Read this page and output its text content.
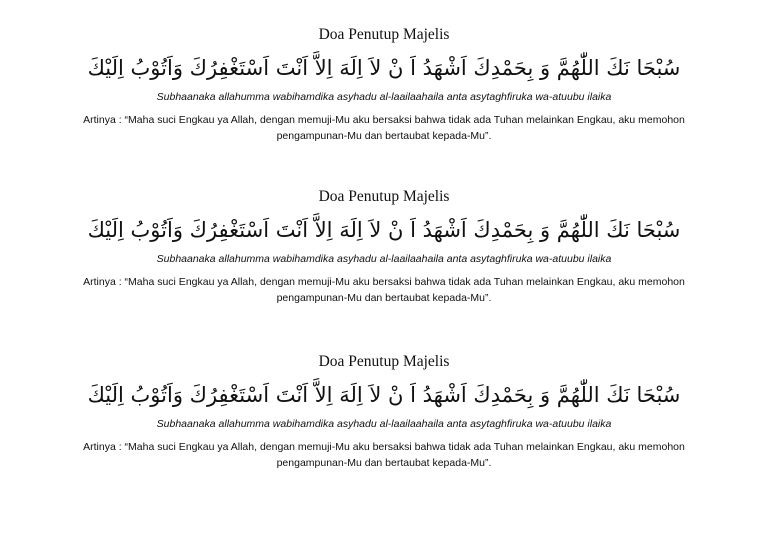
Doa Penutup Majelis
سُبْحَا نَكَ اللّٰهُمَّ وَ بِحَمْدِكَ اَشْهَدُ اَ نْ لاَ اِلَهَ اِلاَّ اَنْتَ اَسْتَغْفِرُكَ وَاَتُوْبُ اِلَيْكَ
Subhaanaka allahumma wabihamdika asyhadu al-laailaahaila anta asytaghfiruka wa-atuubu ilaika
Artinya : “Maha suci Engkau ya Allah, dengan memuji-Mu aku bersaksi bahwa tidak ada Tuhan melainkan Engkau, aku memohon pengampunan-Mu dan bertaubat kepada-Mu”.
Doa Penutup Majelis
سُبْحَا نَكَ اللّٰهُمَّ وَ بِحَمْدِكَ اَشْهَدُ اَ نْ لاَ اِلَهَ اِلاَّ اَنْتَ اَسْتَغْفِرُكَ وَاَتُوْبُ اِلَيْكَ
Subhaanaka allahumma wabihamdika asyhadu al-laailaahaila anta asytaghfiruka wa-atuubu ilaika
Artinya : “Maha suci Engkau ya Allah, dengan memuji-Mu aku bersaksi bahwa tidak ada Tuhan melainkan Engkau, aku memohon pengampunan-Mu dan bertaubat kepada-Mu”.
Doa Penutup Majelis
سُبْحَا نَكَ اللّٰهُمَّ وَ بِحَمْدِكَ اَشْهَدُ اَ نْ لاَ اِلَهَ اِلاَّ اَنْتَ اَسْتَغْفِرُكَ وَاَتُوْبُ اِلَيْكَ
Subhaanaka allahumma wabihamdika asyhadu al-laailaahaila anta asytaghfiruka wa-atuubu ilaika
Artinya : “Maha suci Engkau ya Allah, dengan memuji-Mu aku bersaksi bahwa tidak ada Tuhan melainkan Engkau, aku memohon pengampunan-Mu dan bertaubat kepada-Mu”.
